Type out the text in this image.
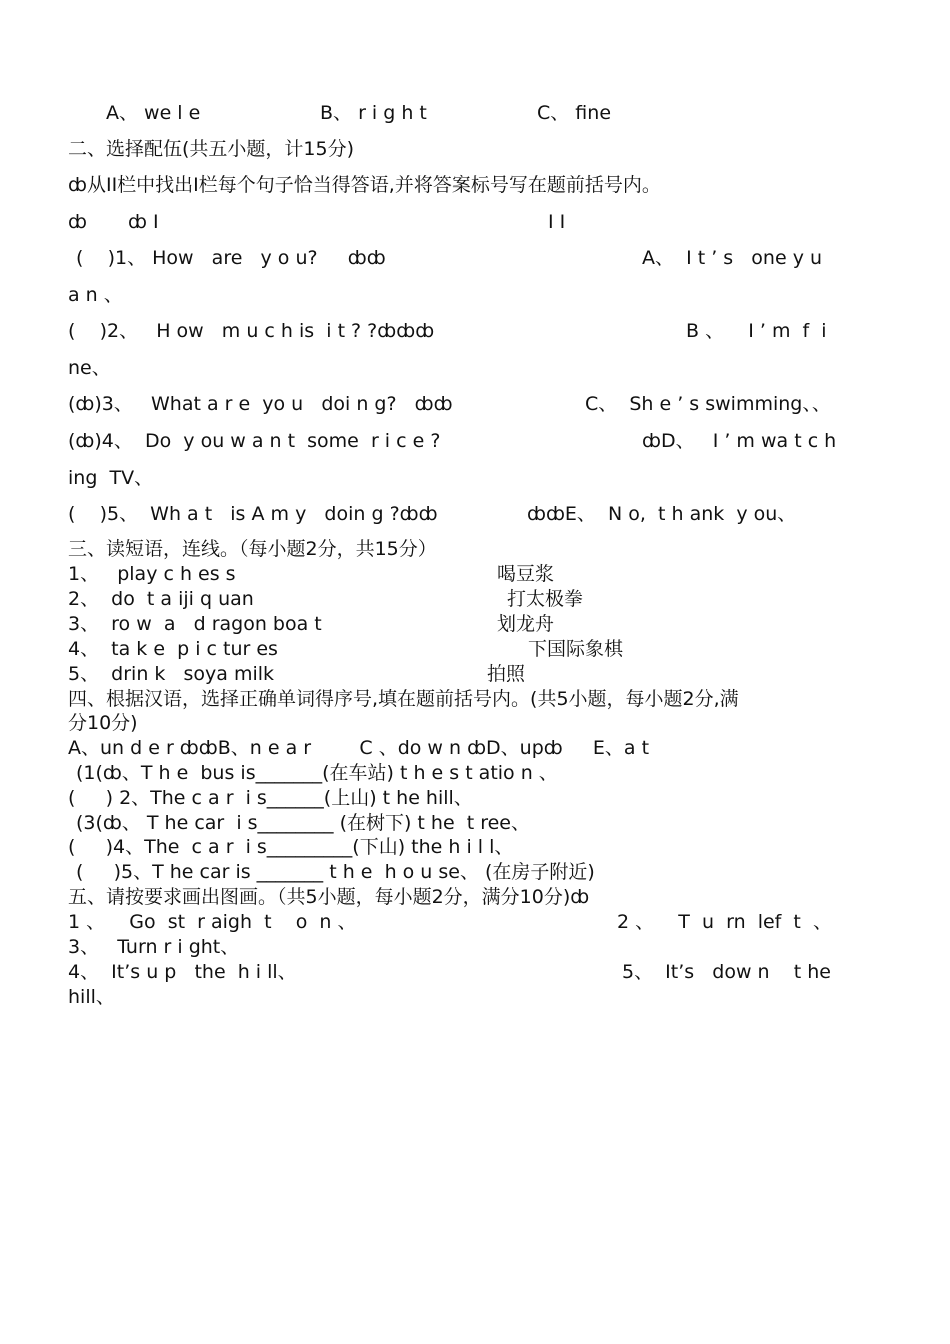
A、 we l e	B、 r i g h t	C、 fine
二、选择配伍(共五小题，计15分)
ȸ从ⅠⅠ栏中找出Ⅰ栏每个句子恰当得答语,并将答案标号写在题前括号内。
ȸ ȸ Ⅰ	Ⅰ Ⅰ
(    )1、 How   are   y o u?     ȸȸ	A、  I t ’ s   one y u
a n 、
(    )2、   H ow   m u c h is  i t ? ?ȸȸȸ	B 、    I ’ m  f  i
ne、
(ȸ)3、   What a r e  yo u   doi n g?   ȸȸ	C、  Sh e ’ s swimming、、
(ȸ)4、  Do  y ou w a n t  some  r i c e ?	ȸD、   I ’ m wa t c h
ing  TV、
(    )5、  Wh a t   is A m y   doin g ?ȸȸ	ȸȸE、  N o,  t h ank  y ou、
三、读短语，连线。（每小题2分，共15分）
1、   play c h es s	喝豆浆
2、  do  t a iji q uan	打太极拳
3、  ro w  a   d ragon boa t	划龙舟
4、  ta k e  p i c tur es	下国际象棋
5、  drin k   soya milk	拍照
四、根据汉语，选择正确单词得序号,填在题前括号内。(共5小题，每小题2分,满
分10分)
A、un d e r ȸȸB、n e a r        C 、do w n ȸD、upȸ     E、a t
(1(ȸ、T h e  bus is_______(在车站) t h e s t atio n 、
(     ) 2、The c a r  i s______(上山) t he hill、
(3(ȸ、 T he car  i s________ (在树下) t he  t ree、
(     )4、The  c a r  i s_________(下山) the h i l l、
(     )5、T he car is _______ t h e  h o u se、 (在房子附近)
五、请按要求画出图画。（共5小题，每小题2分，满分10分)ȸ
1 、    Go  st  r aigh  t    o  n 、	2 、    T  u  rn  lef  t  、
3、   Turn r i ght、
4、  It’s u p   the  h i ll、	5、  It’s   dow n    t he
hill、
